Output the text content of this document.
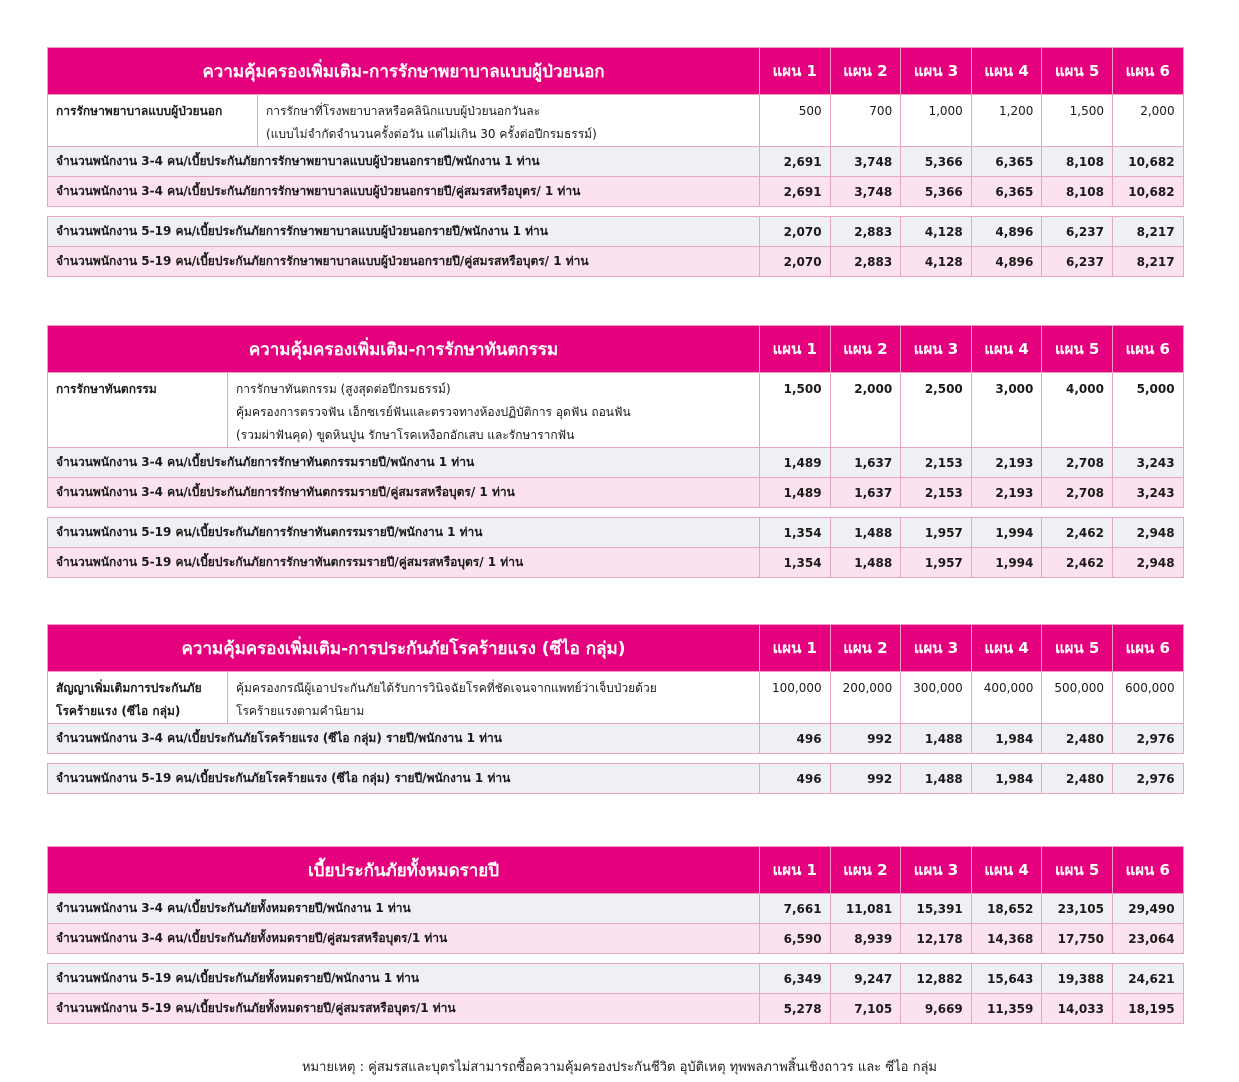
ความคุ้มครองเพิ่มเติม-การรักษาพยาบาลแบบผู้ป่วยนอก		แผน 1	แผน 2	แผน 3	แผน 4	แผน 5	แผน 6
การรักษาพยาบาลแบบผู้ป่วยนอก	การรักษาที่โรงพยาบาลหรือคลินิกแบบผู้ป่วยนอกวันละ
(แบบไม่จำกัดจำนวนครั้งต่อวัน แต่ไม่เกิน 30 ครั้งต่อปีกรมธรรม์)	500	700	1,000	1,200	1,500	2,000
จำนวนพนักงาน 3-4 คน/เบี้ยประกันภัยการรักษาพยาบาลแบบผู้ป่วยนอกรายปี/พนักงาน 1 ท่าน		2,691	3,748	5,366	6,365	8,108	10,682
จำนวนพนักงาน 3-4 คน/เบี้ยประกันภัยการรักษาพยาบาลแบบผู้ป่วยนอกรายปี/คู่สมรสหรือบุตร/ 1 ท่าน		2,691	3,748	5,366	6,365	8,108	10,682
จำนวนพนักงาน 5-19 คน/เบี้ยประกันภัยการรักษาพยาบาลแบบผู้ป่วยนอกรายปี/พนักงาน 1 ท่าน	2,070	2,883	4,128	4,896	6,237	8,217
จำนวนพนักงาน 5-19 คน/เบี้ยประกันภัยการรักษาพยาบาลแบบผู้ป่วยนอกรายปี/คู่สมรสหรือบุตร/ 1 ท่าน	2,070	2,883	4,128	4,896	6,237	8,217
ความคุ้มครองเพิ่มเติม-การรักษาทันตกรรม		แผน 1	แผน 2	แผน 3	แผน 4	แผน 5	แผน 6
การรักษาทันตกรรม	การรักษาทันตกรรม (สูงสุดต่อปีกรมธรรม์)
คุ้มครองการตรวจฟัน เอ็กซเรย์ฟันและตรวจทางห้องปฏิบัติการ อุดฟัน ถอนฟัน
(รวมผ่าฟันคุด) ขูดหินปูน รักษาโรคเหงือกอักเสบ และรักษารากฟัน	1,500	2,000	2,500	3,000	4,000	5,000
จำนวนพนักงาน 3-4 คน/เบี้ยประกันภัยการรักษาทันตกรรมรายปี/พนักงาน 1 ท่าน		1,489	1,637	2,153	2,193	2,708	3,243
จำนวนพนักงาน 3-4 คน/เบี้ยประกันภัยการรักษาทันตกรรมรายปี/คู่สมรสหรือบุตร/ 1 ท่าน		1,489	1,637	2,153	2,193	2,708	3,243
จำนวนพนักงาน 5-19 คน/เบี้ยประกันภัยการรักษาทันตกรรมรายปี/พนักงาน 1 ท่าน	1,354	1,488	1,957	1,994	2,462	2,948
จำนวนพนักงาน 5-19 คน/เบี้ยประกันภัยการรักษาทันตกรรมรายปี/คู่สมรสหรือบุตร/ 1 ท่าน	1,354	1,488	1,957	1,994	2,462	2,948
ความคุ้มครองเพิ่มเติม-การประกันภัยโรคร้ายแรง (ซีไอ กลุ่ม)		แผน 1	แผน 2	แผน 3	แผน 4	แผน 5	แผน 6
สัญญาเพิ่มเติมการประกันภัยโรคร้ายแรง (ซีไอ กลุ่ม)	คุ้มครองกรณีผู้เอาประกันภัยได้รับการวินิจฉัยโรคที่ชัดเจนจากแพทย์ว่าเจ็บป่วยด้วย
โรคร้ายแรงตามคำนิยาม	100,000	200,000	300,000	400,000	500,000	600,000
จำนวนพนักงาน 3-4 คน/เบี้ยประกันภัยโรคร้ายแรง (ซีไอ กลุ่ม) รายปี/พนักงาน 1 ท่าน		496	992	1,488	1,984	2,480	2,976
จำนวนพนักงาน 5-19 คน/เบี้ยประกันภัยโรคร้ายแรง (ซีไอ กลุ่ม) รายปี/พนักงาน 1 ท่าน	496	992	1,488	1,984	2,480	2,976
เบี้ยประกันภัยทั้งหมดรายปี	แผน 1	แผน 2	แผน 3	แผน 4	แผน 5	แผน 6
จำนวนพนักงาน 3-4 คน/เบี้ยประกันภัยทั้งหมดรายปี/พนักงาน 1 ท่าน	7,661	11,081	15,391	18,652	23,105	29,490
จำนวนพนักงาน 3-4 คน/เบี้ยประกันภัยทั้งหมดรายปี/คู่สมรสหรือบุตร/1 ท่าน	6,590	8,939	12,178	14,368	17,750	23,064
จำนวนพนักงาน 5-19 คน/เบี้ยประกันภัยทั้งหมดรายปี/พนักงาน 1 ท่าน	6,349	9,247	12,882	15,643	19,388	24,621
จำนวนพนักงาน 5-19 คน/เบี้ยประกันภัยทั้งหมดรายปี/คู่สมรสหรือบุตร/1 ท่าน	5,278	7,105	9,669	11,359	14,033	18,195
หมายเหตุ : คู่สมรสและบุตรไม่สามารถซื้อความคุ้มครองประกันชีวิต อุบัติเหตุ ทุพพลภาพสิ้นเชิงถาวร และ ซีไอ กลุ่ม
